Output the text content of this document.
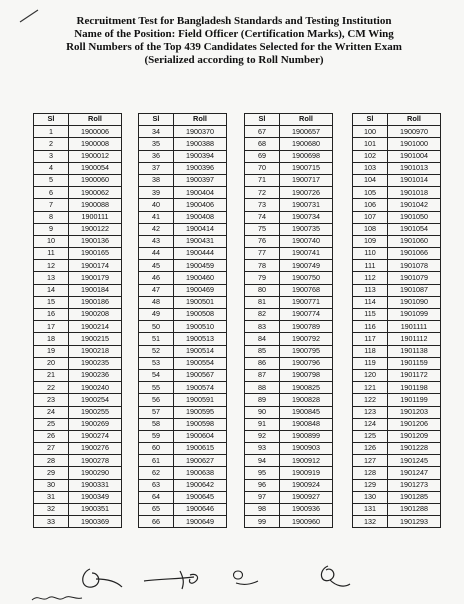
Recruitment Test for Bangladesh Standards and Testing Institution
Name of the Position: Field Officer (Certification Marks), CM Wing
Roll Numbers of the Top 439 Candidates Selected for the Written Exam
(Serialized according to Roll Number)
Sl	Roll
1	1900006
2	1900008
3	1900012
4	1900054
5	1900060
6	1900062
7	1900088
8	1900111
9	1900122
10	1900136
11	1900165
12	1900174
13	1900179
14	1900184
15	1900186
16	1900208
17	1900214
18	1900215
19	1900218
20	1900235
21	1900236
22	1900240
23	1900254
24	1900255
25	1900269
26	1900274
27	1900276
28	1900278
29	1900290
30	1900331
31	1900349
32	1900351
33	1900369
Sl	Roll
34	1900370
35	1900388
36	1900394
37	1900396
38	1900397
39	1900404
40	1900406
41	1900408
42	1900414
43	1900431
44	1900444
45	1900459
46	1900460
47	1900469
48	1900501
49	1900508
50	1900510
51	1900513
52	1900514
53	1900554
54	1900567
55	1900574
56	1900591
57	1900595
58	1900598
59	1900604
60	1900615
61	1900627
62	1900638
63	1900642
64	1900645
65	1900646
66	1900649
Sl	Roll
67	1900657
68	1900680
69	1900698
70	1900715
71	1900717
72	1900726
73	1900731
74	1900734
75	1900735
76	1900740
77	1900741
78	1900749
79	1900750
80	1900768
81	1900771
82	1900774
83	1900789
84	1900792
85	1900795
86	1900796
87	1900798
88	1900825
89	1900828
90	1900845
91	1900848
92	1900899
93	1900903
94	1900912
95	1900919
96	1900924
97	1900927
98	1900936
99	1900960
Sl	Roll
100	1900970
101	1901000
102	1901004
103	1901013
104	1901014
105	1901018
106	1901042
107	1901050
108	1901054
109	1901060
110	1901066
111	1901078
112	1901079
113	1901087
114	1901090
115	1901099
116	1901111
117	1901112
118	1901138
119	1901159
120	1901172
121	1901198
122	1901199
123	1901203
124	1901206
125	1901209
126	1901228
127	1901245
128	1901247
129	1901273
130	1901285
131	1901288
132	1901293
